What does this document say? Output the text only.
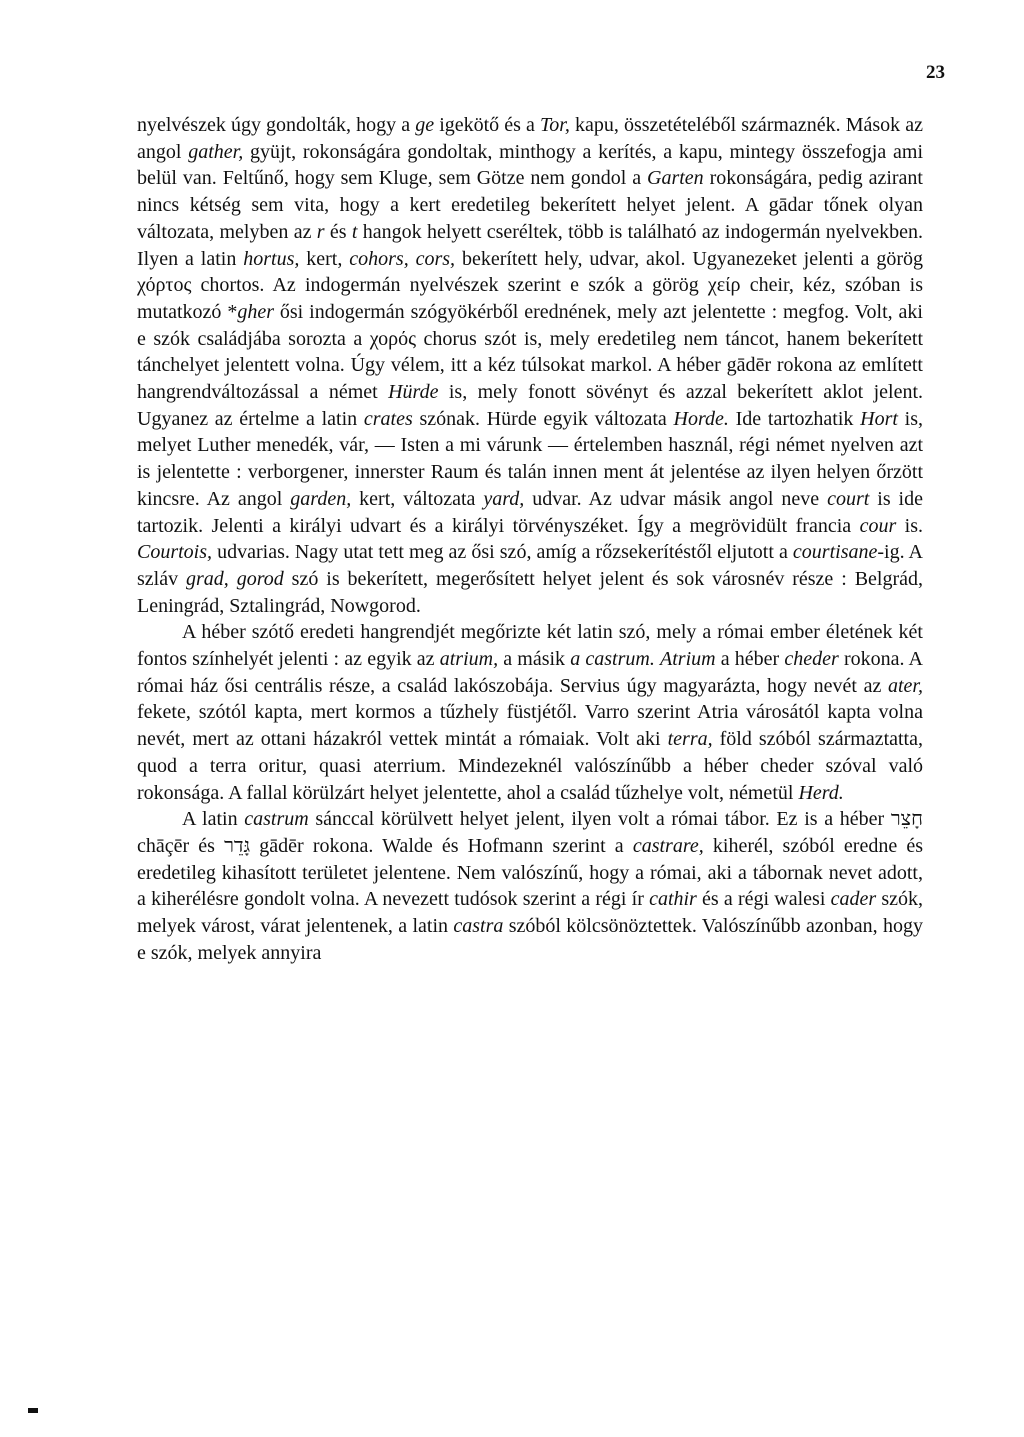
23

nyelvészek úgy gondolták, hogy a ge igekötő és a Tor, kapu, összetételéből származnék. Mások az angol gather, gyüjt, rokonságára gondoltak, minthogy a kerítés, a kapu, mintegy összefogja ami belül van. Feltűnő, hogy sem Kluge, sem Götze nem gondol a Garten rokonságára, pedig azirant nincs kétség sem vita, hogy a kert eredetileg bekerített helyet jelent. A gādar tőnek olyan változata, melyben az r és t hangok helyett cseréltek, több is található az indogermán nyelvekben. Ilyen a latin hortus, kert, cohors, cors, bekerített hely, udvar, akol. Ugyanezeket jelenti a görög χόρτος chortos. Az indogermán nyelvészek szerint e szók a görög χείρ cheir, kéz, szóban is mutatkozó *gher ősi indogermán szógyökérből erednének, mely azt jelentette : megfog. Volt, aki e szók családjába sorozta a χορός chorus szót is, mely eredetileg nem táncot, hanem bekerített tánchelyet jelentett volna. Úgy vélem, itt a kéz túlsokat markol. A héber gādēr rokona az említett hangrendváltozással a német Hürde is, mely fonott sövényt és azzal bekerített aklot jelent. Ugyanez az értelme a latin crates szónak. Hürde egyik változata Horde. Ide tartozhatik Hort is, melyet Luther menedék, vár, — Isten a mi várunk — értelemben használ, régi német nyelven azt is jelentette : verborgener, innerster Raum és talán innen ment át jelentése az ilyen helyen őrzött kincsre. Az angol garden, kert, változata yard, udvar. Az udvar másik angol neve court is ide tartozik. Jelenti a királyi udvart és a királyi törvényszéket. Így a megrövidült francia cour is. Courtois, udvarias. Nagy utat tett meg az ősi szó, amíg a rőzsekerítéstől eljutott a courtisane-ig. A szláv grad, gorod szó is bekerített, megerősített helyet jelent és sok városnév része : Belgrád, Leningrád, Sztalingrád, Nowgorod.

A héber szótő eredeti hangrendjét megőrizte két latin szó, mely a római ember életének két fontos színhelyét jelenti : az egyik az atrium, a másik a castrum. Atrium a héber cheder rokona. A római ház ősi centrális része, a család lakószobája. Servius úgy magyarázta, hogy nevét az ater, fekete, szótól kapta, mert kormos a tűzhely füstjétől. Varro szerint Atria városától kapta volna nevét, mert az ottani házakról vettek mintát a rómaiak. Volt aki terra, föld szóból származtatta, quod a terra oritur, quasi aterrium. Mindezeknél valószínűbb a héber cheder szóval való rokonsága. A fallal körülzárt helyet jelentette, ahol a család tűzhelye volt, németül Herd.

A latin castrum sánccal körülvett helyet jelent, ilyen volt a római tábor. Ez is a héber חָצֵר chāçēr és גָּדֵר gādēr rokona. Walde és Hofmann szerint a castrare, kiherél, szóból eredne és eredetileg kihasított területet jelentene. Nem valószínű, hogy a római, aki a tábornak nevet adott, a kiherélésre gondolt volna. A nevezett tudósok szerint a régi ír cathir és a régi walesi cader szók, melyek várost, várat jelentenek, a latin castra szóból kölcsönöztettek. Valószínűbb azonban, hogy e szók, melyek annyira
